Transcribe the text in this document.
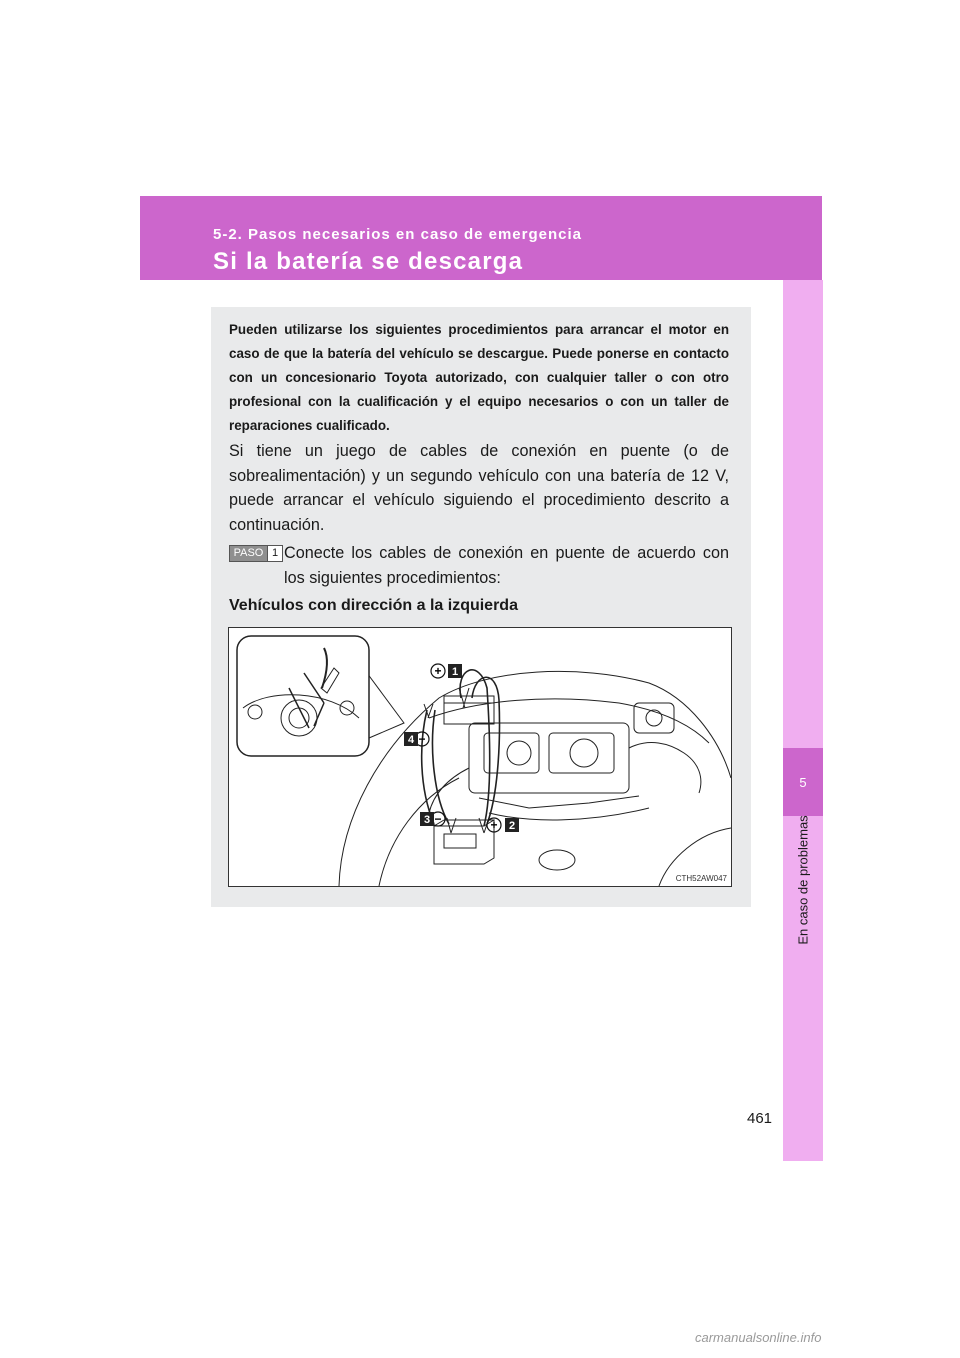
5-2. Pasos necesarios en caso de emergencia
Si la batería se descarga
5
En caso de problemas

Pueden utilizarse los siguientes procedimientos para arrancar el motor en caso de que la batería del vehículo se descargue. Puede ponerse en contacto con un concesionario Toyota autorizado, con cualquier taller o con otro profesional con la cualificación y el equipo necesarios o con un taller de reparaciones cualificado.

Si tiene un juego de cables de conexión en puente (o de sobrealimentación) y un segundo vehículo con una batería de 12 V, puede arrancar el vehículo siguiendo el procedimiento descrito a continuación.

PASO 1 Conecte los cables de conexión en puente de acuerdo con los siguientes procedimientos:
Vehículos con dirección a la izquierda
+
−
−	+
1
2
3
4
CTH52AW047
461
carmanualsonline.info
